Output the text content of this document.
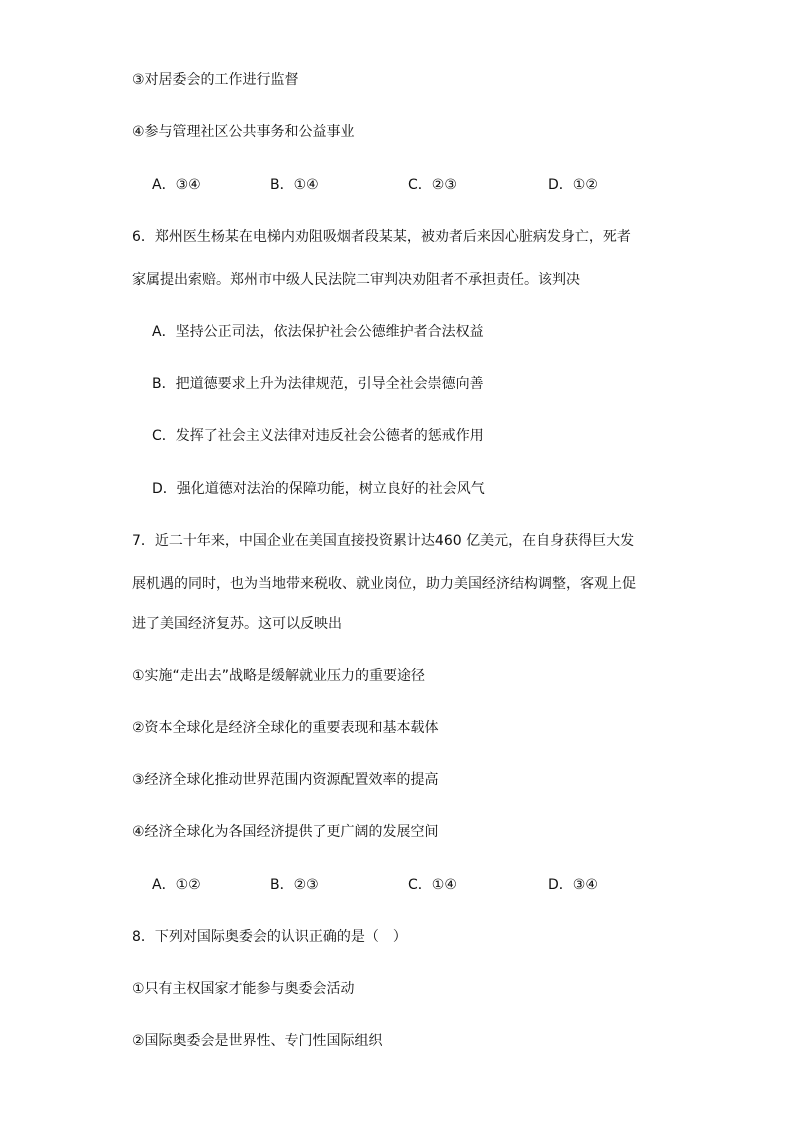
③对居委会的工作进行监督
④参与管理社区公共事务和公益事业
A．③④	B．①④	C．②③	D．①②
6．郑州医生杨某在电梯内劝阻吸烟者段某某，被劝者后来因心脏病发身亡，死者
家属提出索赔。郑州市中级人民法院二审判决劝阻者不承担责任。该判决
A．坚持公正司法，依法保护社会公德维护者合法权益
B．把道德要求上升为法律规范，引导全社会崇德向善
C．发挥了社会主义法律对违反社会公德者的惩戒作用
D．强化道德对法治的保障功能，树立良好的社会风气
7．近二十年来，中国企业在美国直接投资累计达460 亿美元，在自身获得巨大发
展机遇的同时，也为当地带来税收、就业岗位，助力美国经济结构调整，客观上促
进了美国经济复苏。这可以反映出
①实施“走出去”战略是缓解就业压力的重要途径
②资本全球化是经济全球化的重要表现和基本载体
③经济全球化推动世界范围内资源配置效率的提高
④经济全球化为各国经济提供了更广阔的发展空间
A．①②	B．②③	C．①④	D．③④
8．下列对国际奥委会的认识正确的是（　）
①只有主权国家才能参与奥委会活动
②国际奥委会是世界性、专门性国际组织
